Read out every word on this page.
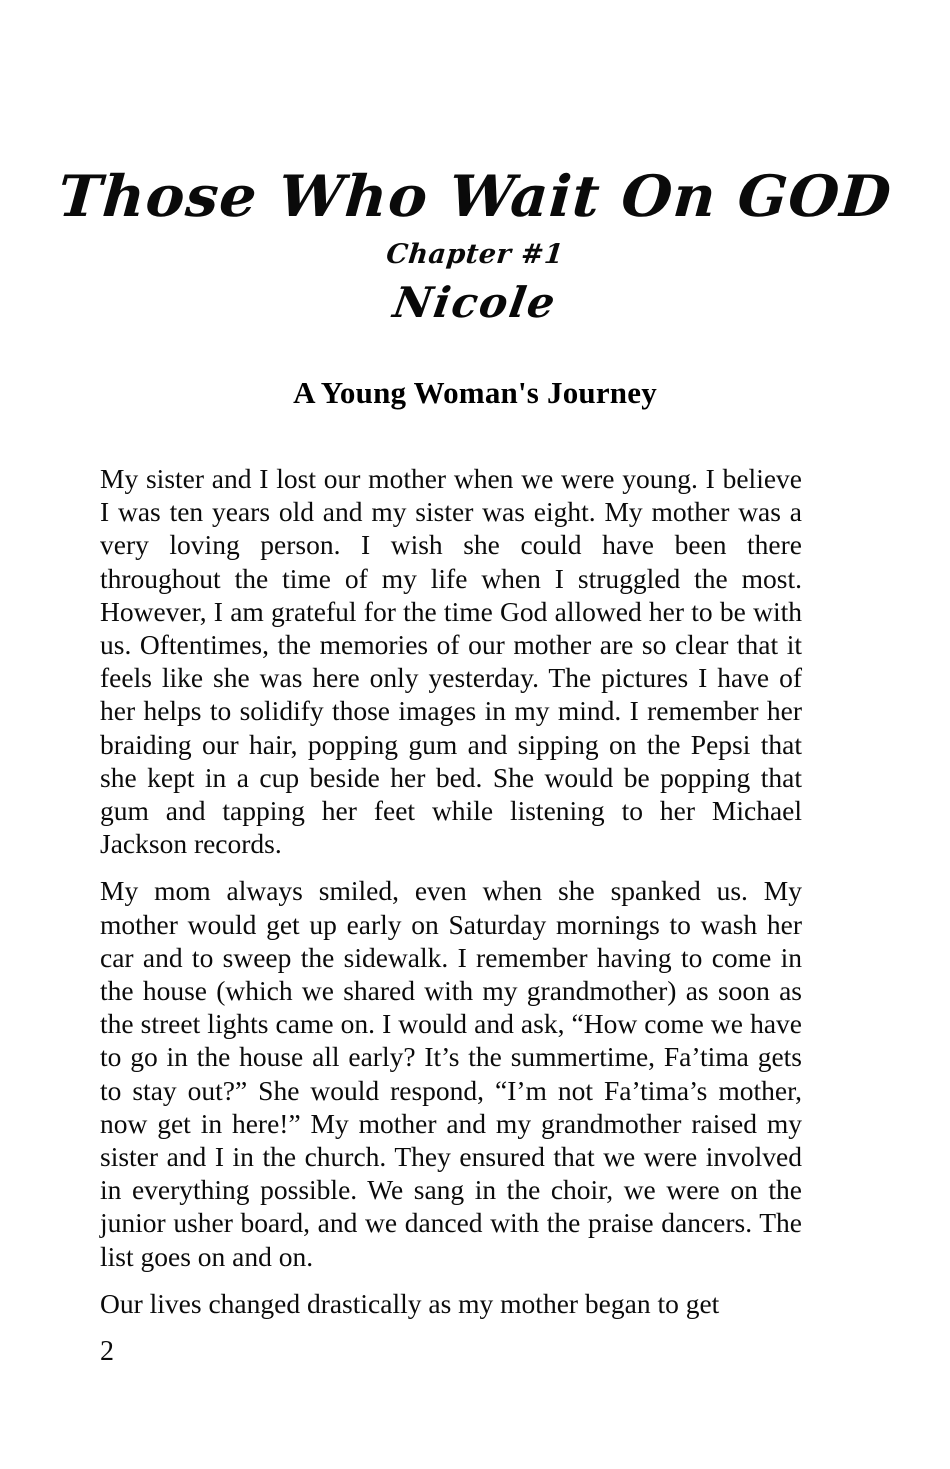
Those Who Wait On GOD
Chapter #1
Nicole
A Young Woman's Journey

My sister and I lost our mother when we were young. I believe I was ten years old and my sister was eight. My mother was a very loving person. I wish she could have been there throughout the time of my life when I struggled the most. However, I am grateful for the time God allowed her to be with us. Oftentimes, the memories of our mother are so clear that it feels like she was here only yesterday. The pictures I have of her helps to solidify those images in my mind. I remember her braiding our hair, popping gum and sipping on the Pepsi that she kept in a cup beside her bed. She would be popping that gum and tapping her feet while listening to her Michael Jackson records.

My mom always smiled, even when she spanked us. My mother would get up early on Saturday mornings to wash her car and to sweep the sidewalk. I remember having to come in the house (which we shared with my grandmother) as soon as the street lights came on. I would and ask, “How come we have to go in the house all early? It’s the summertime, Fa’tima gets to stay out?” She would respond, “I’m not Fa’tima’s mother, now get in here!” My mother and my grandmother raised my sister and I in the church. They ensured that we were involved in everything possible. We sang in the choir, we were on the junior usher board, and we danced with the praise dancers. The list goes on and on.

Our lives changed drastically as my mother began to get

2
